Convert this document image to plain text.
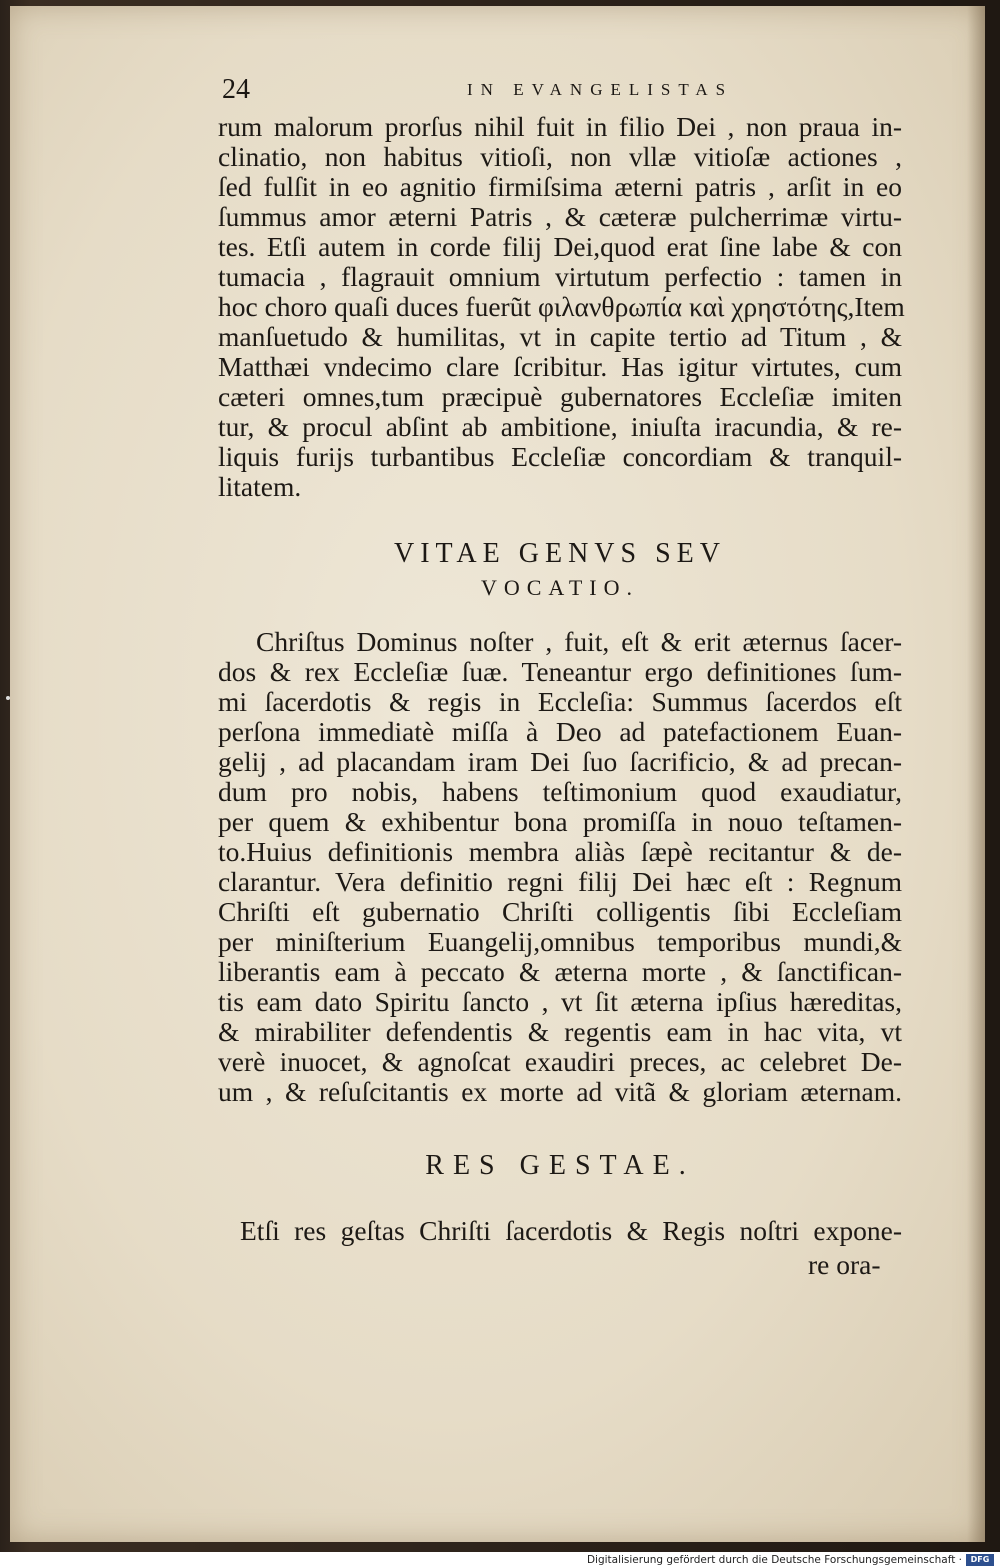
24	IN EVANGELISTAS
rum malorum prorſus nihil fuit in filio Dei , non praua in-
clinatio, non habitus vitioſi, non vllæ vitioſæ actiones ,
ſed fulſit in eo agnitio firmiſsima æterni patris , arſit in eo
ſummus amor æterni Patris , & cæteræ pulcherrimæ virtu-
tes. Etſi autem in corde filij Dei,quod erat ſine labe & con
tumacia , flagrauit omnium virtutum perfectio : tamen in
hoc choro quaſi duces fuerũt φιλανθρωπία καὶ χρηστότης,Item
manſuetudo & humilitas, vt in capite tertio ad Titum , &
Matthæi vndecimo clare ſcribitur. Has igitur virtutes, cum
cæteri omnes,tum præcipuè gubernatores Eccleſiæ imiten
tur, & procul abſint ab ambitione, iniuſta iracundia, & re-
liquis furijs turbantibus Eccleſiæ concordiam & tranquil-
litatem.
VITAE GENVS SEV
VOCATIO.
Chriſtus Dominus noſter , fuit, eſt & erit æternus ſacer-
dos & rex Eccleſiæ ſuæ. Teneantur ergo definitiones ſum-
mi ſacerdotis & regis in Eccleſia: Summus ſacerdos eſt
perſona immediatè miſſa à Deo ad patefactionem Euan-
gelij , ad placandam iram Dei ſuo ſacrificio, & ad precan-
dum pro nobis, habens teſtimonium quod exaudiatur,
per quem & exhibentur bona promiſſa in nouo teſtamen-
to.Huius definitionis membra aliàs ſæpè recitantur & de-
clarantur. Vera definitio regni filij Dei hæc eſt : Regnum
Chriſti eſt gubernatio Chriſti colligentis ſibi Eccleſiam
per miniſterium Euangelij,omnibus temporibus mundi,&
liberantis eam à peccato & æterna morte , & ſanctifican-
tis eam dato Spiritu ſancto , vt ſit æterna ipſius hæreditas,
& mirabiliter defendentis & regentis eam in hac vita, vt
verè inuocet, & agnoſcat exaudiri preces, ac celebret De-
um , & reſuſcitantis ex morte ad vitã & gloriam æternam.
RES GESTAE.
Etſi res geſtas Chriſti ſacerdotis & Regis noſtri expone-
re ora-
Digitalisierung gefördert durch die Deutsche Forschungsgemeinschaft ·	DFG
